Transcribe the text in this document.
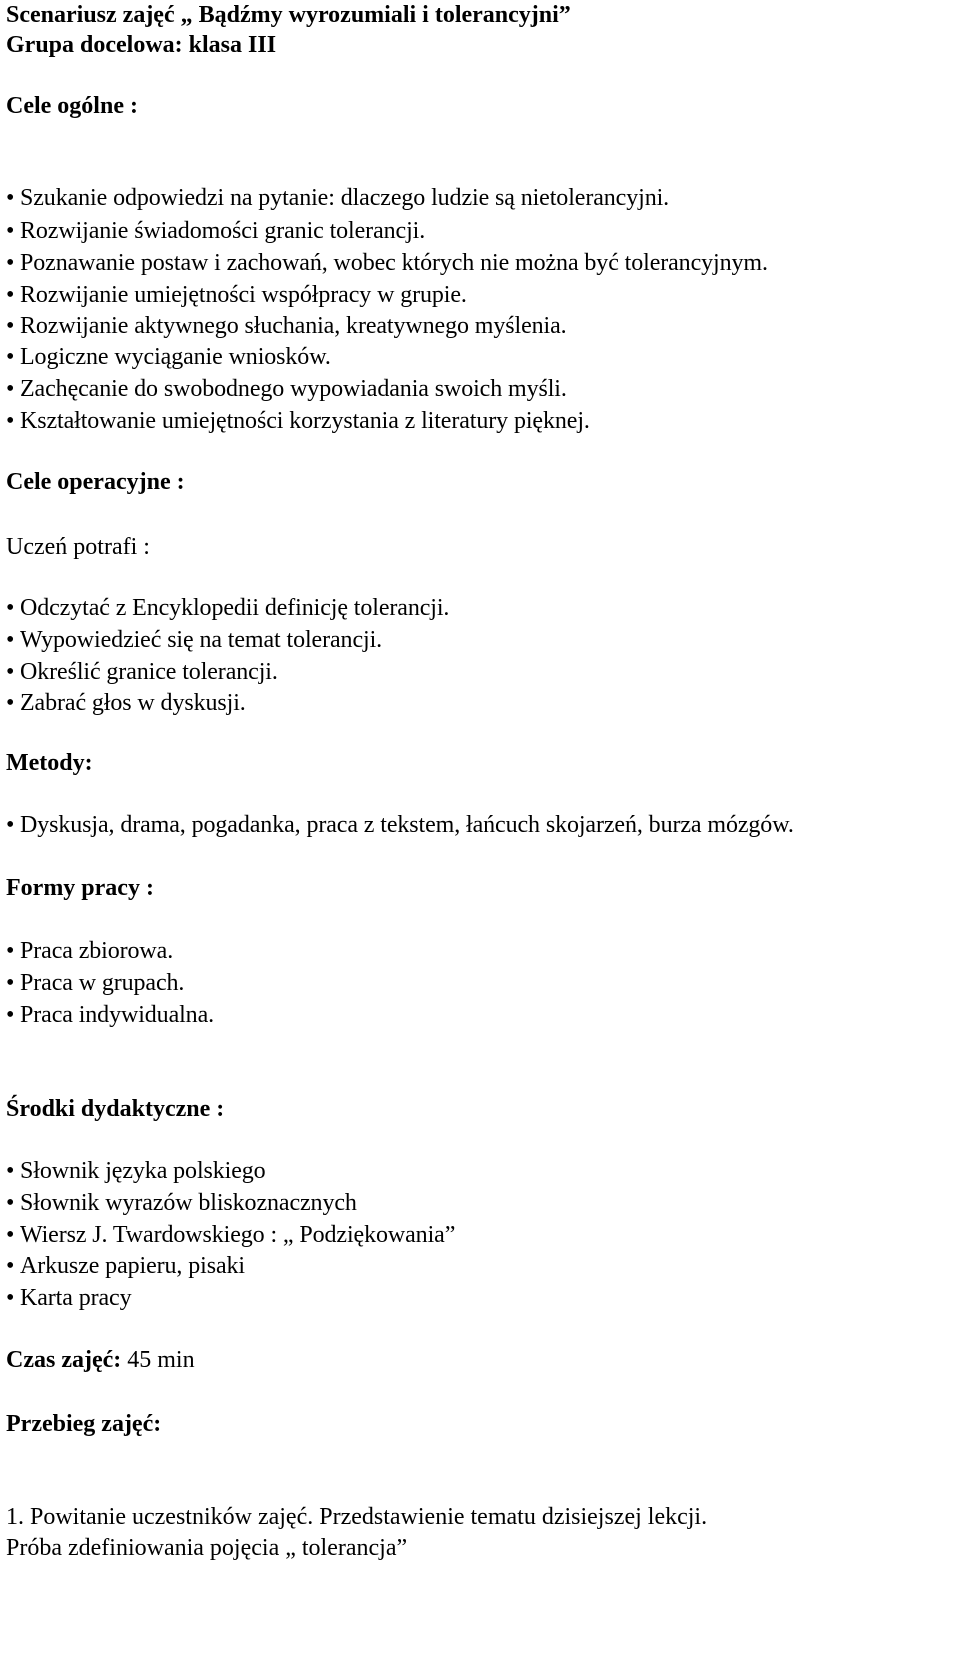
Scenariusz zajęć „ Bądźmy wyrozumiali i tolerancyjni”
Grupa docelowa: klasa III
Cele ogólne :
• Szukanie odpowiedzi na pytanie: dlaczego ludzie są nietolerancyjni.
• Rozwijanie świadomości granic tolerancji.
• Poznawanie postaw i zachowań, wobec których nie można być tolerancyjnym.
• Rozwijanie umiejętności współpracy w grupie.
• Rozwijanie aktywnego słuchania, kreatywnego myślenia.
• Logiczne wyciąganie wniosków.
• Zachęcanie do swobodnego wypowiadania swoich myśli.
• Kształtowanie umiejętności korzystania z literatury pięknej.
Cele operacyjne :
Uczeń potrafi :
• Odczytać z Encyklopedii definicję tolerancji.
• Wypowiedzieć się na temat tolerancji.
• Określić granice tolerancji.
• Zabrać głos w dyskusji.
Metody:
• Dyskusja, drama, pogadanka, praca z tekstem, łańcuch skojarzeń, burza mózgów.
Formy pracy :
• Praca zbiorowa.
• Praca w grupach.
• Praca indywidualna.
Środki dydaktyczne :
• Słownik języka polskiego
• Słownik wyrazów bliskoznacznych
• Wiersz J. Twardowskiego : „ Podziękowania”
• Arkusze papieru, pisaki
• Karta pracy
Czas zajęć: 45 min
Przebieg zajęć:
1. Powitanie uczestników zajęć. Przedstawienie tematu dzisiejszej lekcji.
Próba zdefiniowania pojęcia „ tolerancja”
